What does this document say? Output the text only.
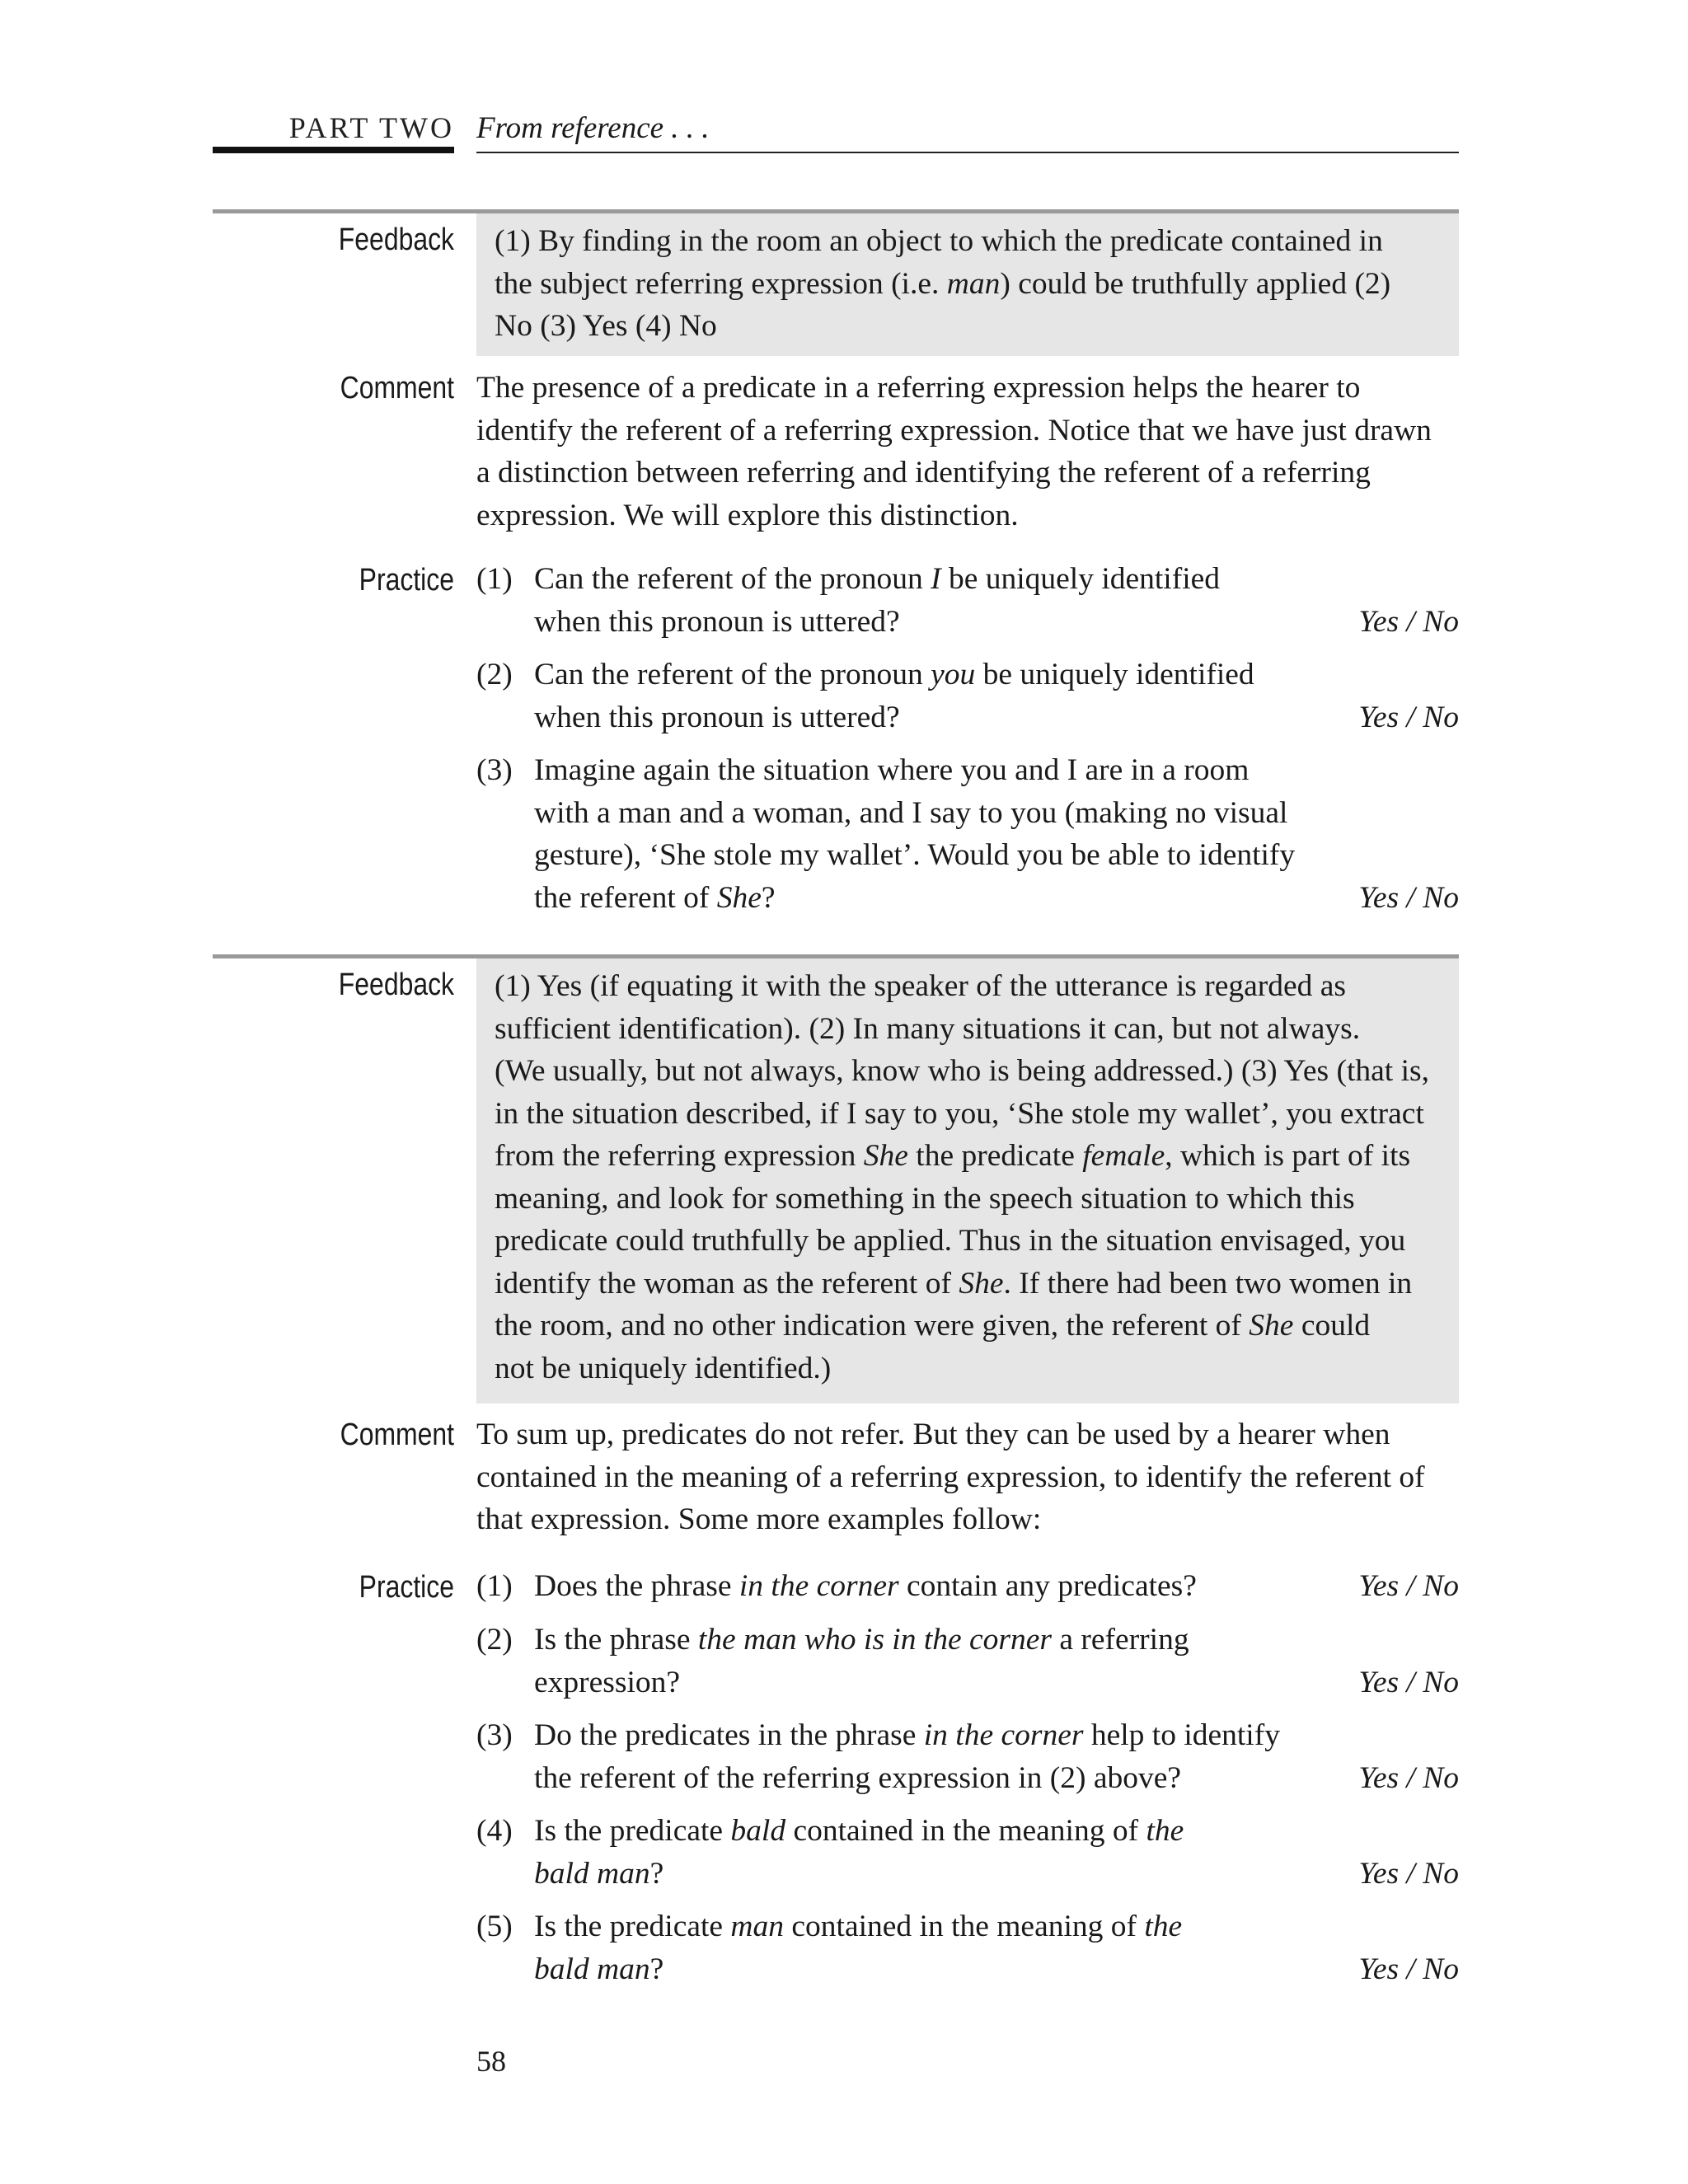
PART TWO From reference . . .
Feedback (1) By finding in the room an object to which the predicate contained in
the subject referring expression (i.e. man) could be truthfully applied (2)
No (3) Yes (4) No
Comment The presence of a predicate in a referring expression helps the hearer to
identify the referent of a referring expression. Notice that we have just drawn
a distinction between referring and identifying the referent of a referring
expression. We will explore this distinction.
Practice (1) Can the referent of the pronoun I be uniquely identified
when this pronoun is uttered?	Yes / No
(2) Can the referent of the pronoun you be uniquely identified
when this pronoun is uttered?	Yes / No
(3) Imagine again the situation where you and I are in a room
with a man and a woman, and I say to you (making no visual
gesture), ‘She stole my wallet’. Would you be able to identify
the referent of She?	Yes / No
Feedback (1) Yes (if equating it with the speaker of the utterance is regarded as
sufficient identification). (2) In many situations it can, but not always.
(We usually, but not always, know who is being addressed.) (3) Yes (that is,
in the situation described, if I say to you, ‘She stole my wallet’, you extract
from the referring expression She the predicate female, which is part of its
meaning, and look for something in the speech situation to which this
predicate could truthfully be applied. Thus in the situation envisaged, you
identify the woman as the referent of She. If there had been two women in
the room, and no other indication were given, the referent of She could
not be uniquely identified.)
Comment To sum up, predicates do not refer. But they can be used by a hearer when
contained in the meaning of a referring expression, to identify the referent of
that expression. Some more examples follow:
Practice (1) Does the phrase in the corner contain any predicates?	Yes / No
(2) Is the phrase the man who is in the corner a referring
expression?	Yes / No
(3) Do the predicates in the phrase in the corner help to identify
the referent of the referring expression in (2) above?	Yes / No
(4) Is the predicate bald contained in the meaning of the
bald man?	Yes / No
(5) Is the predicate man contained in the meaning of the
bald man?	Yes / No
58
